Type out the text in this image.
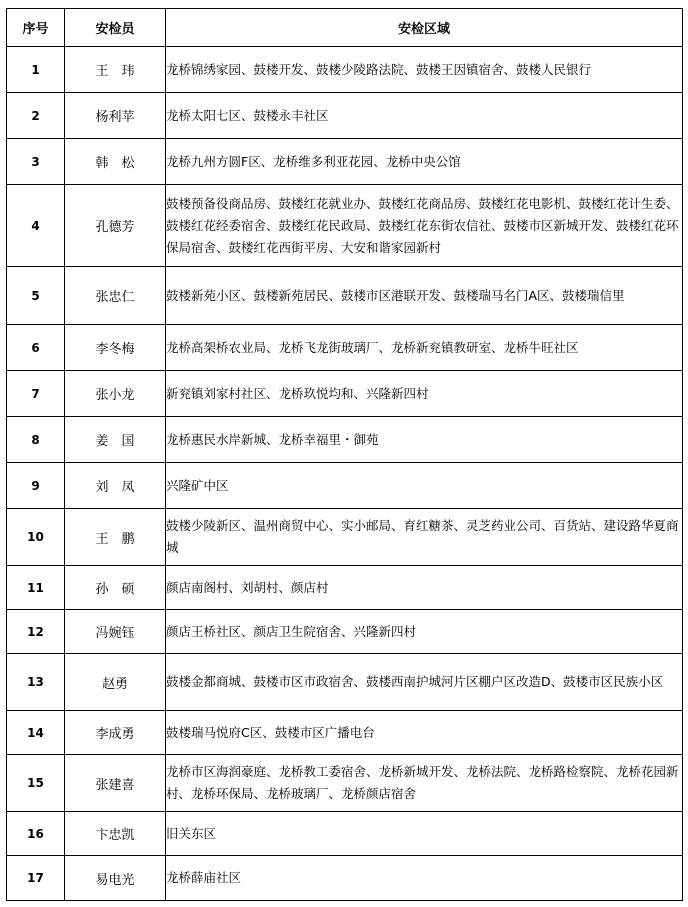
序号	安检员	安检区域
1	王　玮	龙桥锦绣家园、鼓楼开发、鼓楼少陵路法院、鼓楼王因镇宿舍、鼓楼人民银行
2	杨利苹	龙桥太阳七区、鼓楼永丰社区
3	韩　松	龙桥九州方圆F区、龙桥维多利亚花园、龙桥中央公馆
4	孔德芳	鼓楼预备役商品房、鼓楼红花就业办、鼓楼红花商品房、鼓楼红花电影机、鼓楼红花计生委、鼓楼红花经委宿舍、鼓楼红花民政局、鼓楼红花东街农信社、鼓楼市区新城开发、鼓楼红花环保局宿舍、鼓楼红花西街平房、大安和谐家园新村
5	张忠仁	鼓楼新苑小区、鼓楼新苑居民、鼓楼市区港联开发、鼓楼瑞马名门A区、鼓楼瑞信里
6	李冬梅	龙桥高架桥农业局、龙桥飞龙街玻璃厂、龙桥新兖镇教研室、龙桥牛旺社区
7	张小龙	新兖镇刘家村社区、龙桥玖悦均和、兴隆新四村
8	姜　国	龙桥惠民水岸新城、龙桥幸福里・御苑
9	刘　凤	兴隆矿中区
10	王　鹏	鼓楼少陵新区、温州商贸中心、实小邮局、育红糖茶、灵芝药业公司、百货站、建设路华夏商城
11	孙　硕	颜店南阁村、刘胡村、颜店村
12	冯婉钰	颜店王桥社区、颜店卫生院宿舍、兴隆新四村
13	赵勇	鼓楼金都商城、鼓楼市区市政宿舍、鼓楼西南护城河片区棚户区改造D、鼓楼市区民族小区
14	李成勇	鼓楼瑞马悦府C区、鼓楼市区广播电台
15	张建喜	龙桥市区海润豪庭、龙桥教工委宿舍、龙桥新城开发、龙桥法院、龙桥路检察院、龙桥花园新村、龙桥环保局、龙桥玻璃厂、龙桥颜店宿舍
16	卞忠凯	旧关东区
17	易电光	龙桥薛庙社区
